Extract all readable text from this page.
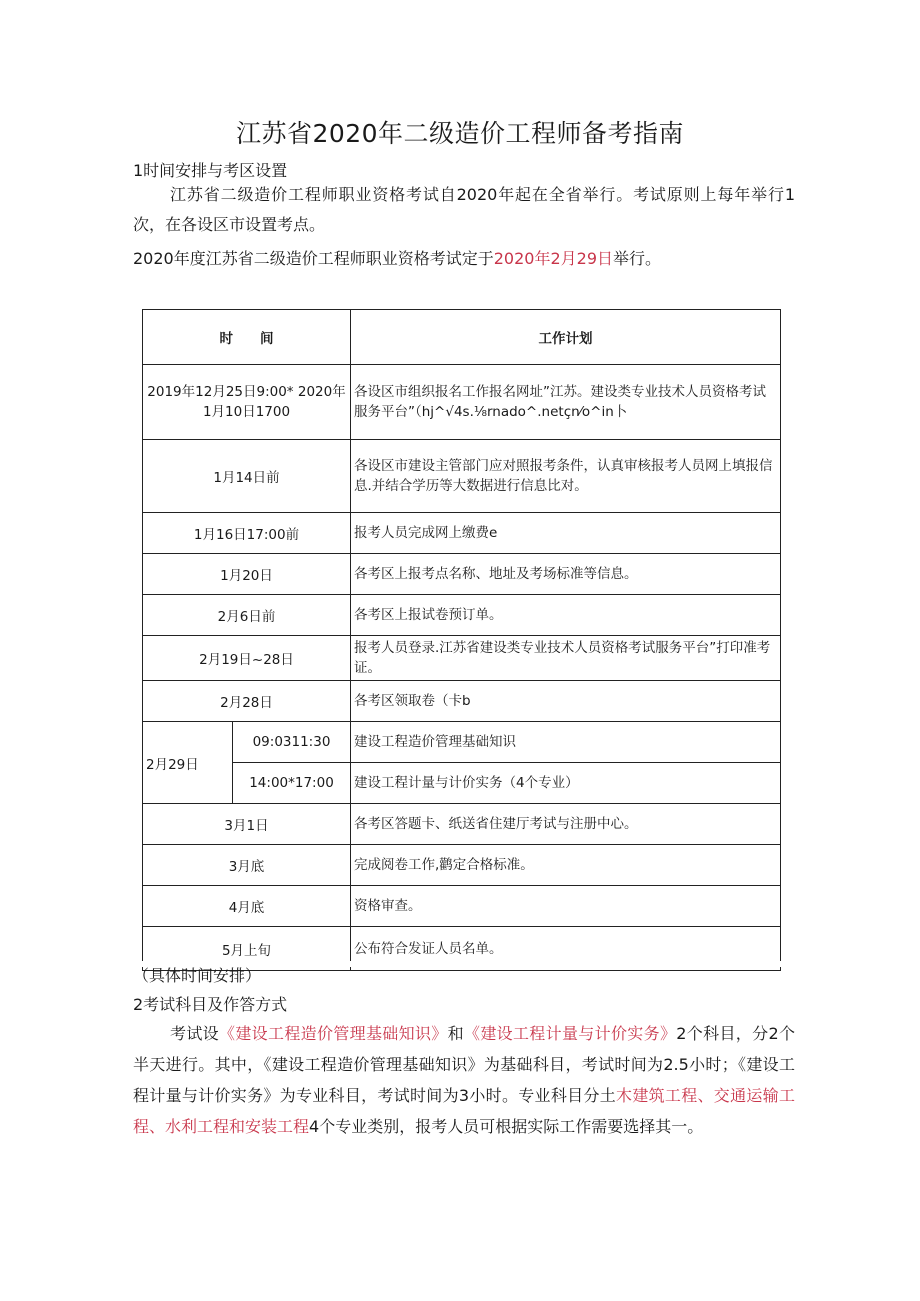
江苏省2020年二级造价工程师备考指南
1时间安排与考区设置
江苏省二级造价工程师职业资格考试自2020年起在全省举行。考试原则上每年举行1次，在各设区市设置考点。
2020年度江苏省二级造价工程师职业资格考试定于2020年2月29日举行。
时　　间		工作计划
2019年12月25日9:00* 2020年1月10日1700		各设区市组织报名工作报名网址”江苏。建设类专业技术人员资格考试服务平台”（hj^√4s.⅛rnado^.netçn⁄o^in卜
1月14日前		各设区市建设主管部门应对照报考条件，认真审核报考人员网上填报信息.并结合学历等大数据进行信息比对。
1月16日17:00前		报考人员完成网上缴费e
1月20日		各考区上报考点名称、地址及考场标准等信息。
2月6日前		各考区上报试卷预订单。
2月19日~28日		报考人员登录.江苏省建设类专业技术人员资格考试服务平台”打印准考证。
2月28日		各考区领取卷（卡b
2月29日	09:0311:30	建设工程造价管理基础知识
	14:00*17:00	建设工程计量与计价实务（4个专业）
3月1日		各考区答题卡、纸送省住建厅考试与注册中心。
3月底		完成阅卷工作,鹳定合格标准。
4月底		资格审查。
5月上旬		公布符合发证人员名单。
（具体时间安排）
2考试科目及作答方式
考试设《建设工程造价管理基础知识》和《建设工程计量与计价实务》2个科目，分2个半天进行。其中，《建设工程造价管理基础知识》为基础科目，考试时间为2.5小时；《建设工程计量与计价实务》为专业科目，考试时间为3小时。专业科目分土木建筑工程、交通运输工程、水利工程和安装工程4个专业类别，报考人员可根据实际工作需要选择其一。
